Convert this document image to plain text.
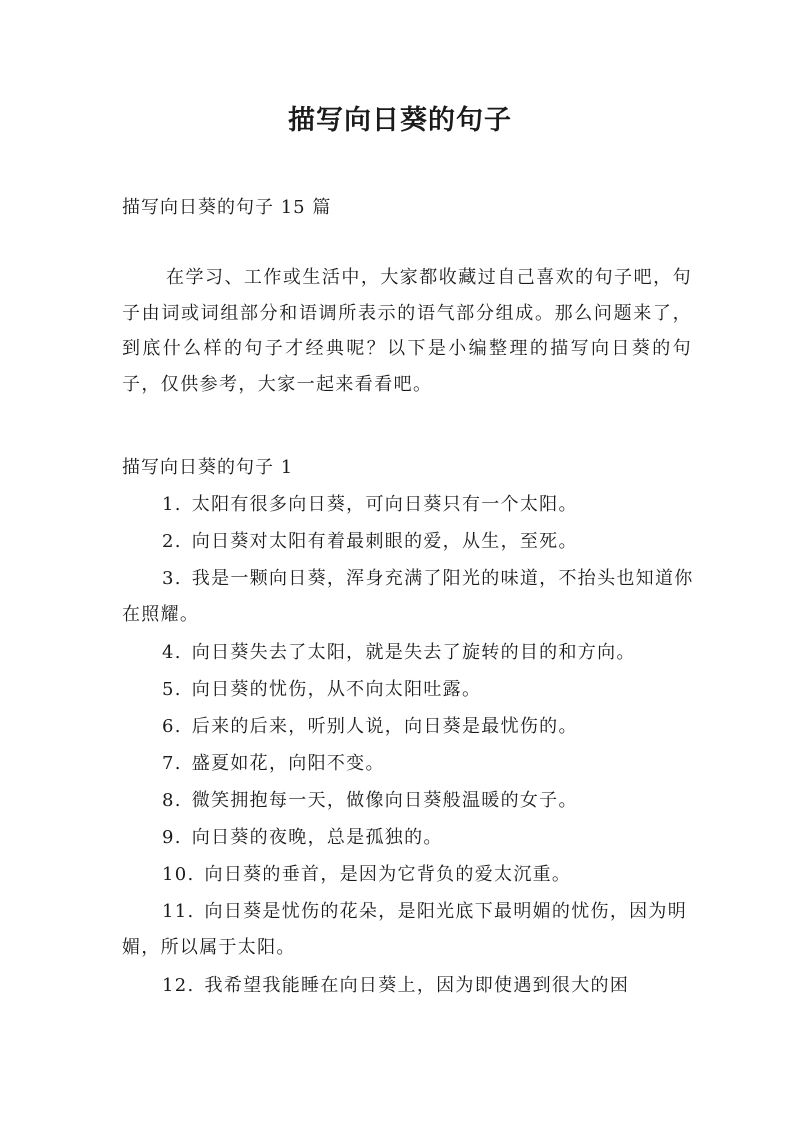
描写向日葵的句子
描写向日葵的句子 15 篇
在学习、工作或生活中，大家都收藏过自己喜欢的句子吧，句子由词或词组部分和语调所表示的语气部分组成。那么问题来了，到底什么样的句子才经典呢？以下是小编整理的描写向日葵的句子，仅供参考，大家一起来看看吧。
描写向日葵的句子 1
1. 太阳有很多向日葵，可向日葵只有一个太阳。
2. 向日葵对太阳有着最刺眼的爱，从生，至死。
3. 我是一颗向日葵，浑身充满了阳光的味道，不抬头也知道你在照耀。
4. 向日葵失去了太阳，就是失去了旋转的目的和方向。
5. 向日葵的忧伤，从不向太阳吐露。
6. 后来的后来，听别人说，向日葵是最忧伤的。
7. 盛夏如花，向阳不变。
8. 微笑拥抱每一天，做像向日葵般温暖的女子。
9. 向日葵的夜晚，总是孤独的。
10. 向日葵的垂首，是因为它背负的爱太沉重。
11. 向日葵是忧伤的花朵，是阳光底下最明媚的忧伤，因为明媚，所以属于太阳。
12. 我希望我能睡在向日葵上，因为即使遇到很大的困
